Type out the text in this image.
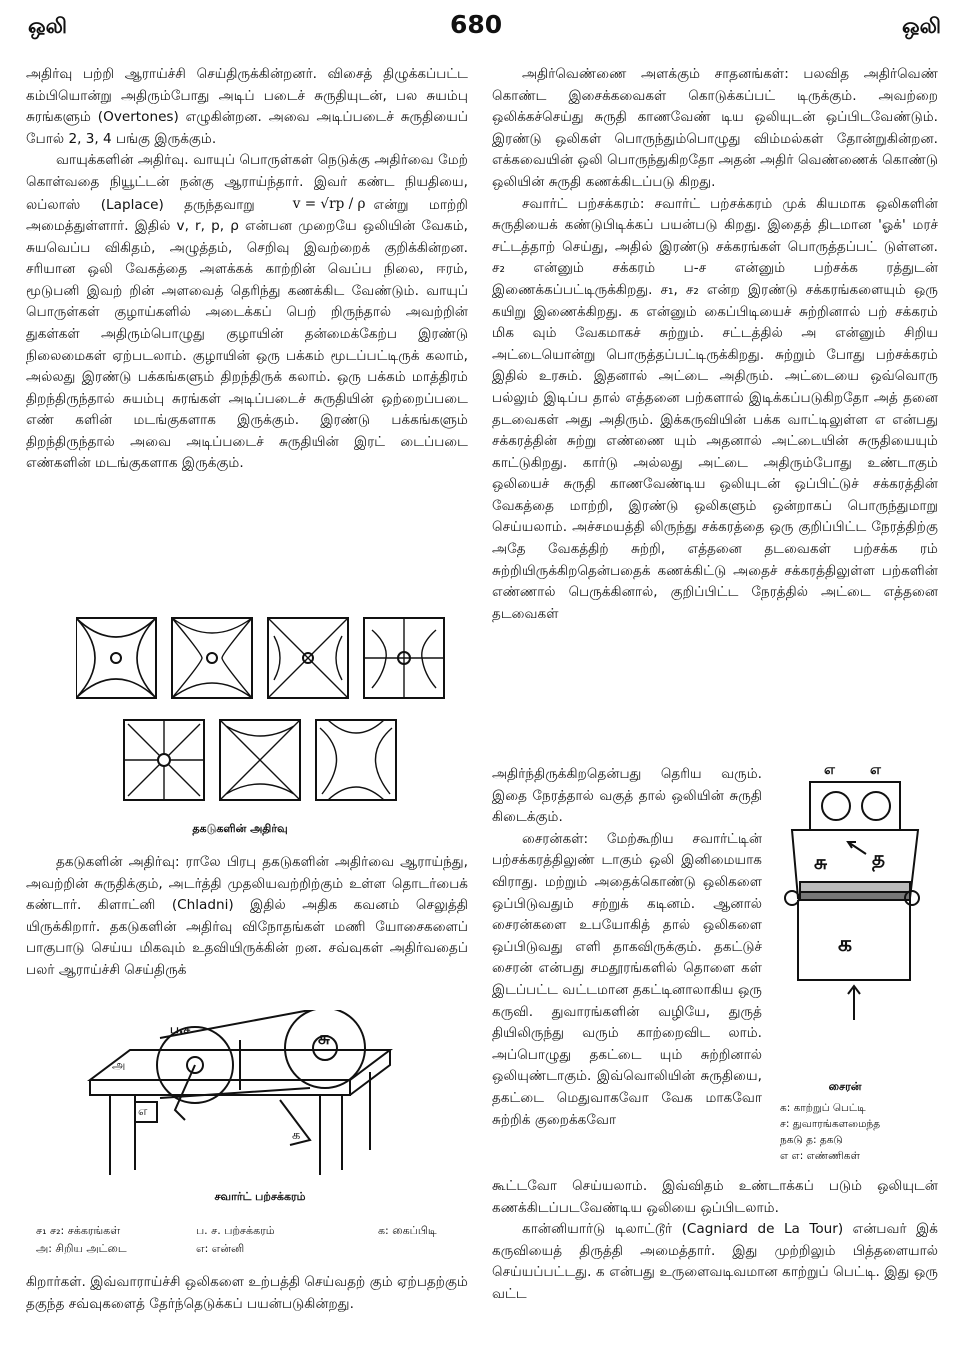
ஒலி	680	ஒலி

அதிர்வு பற்றி ஆராய்ச்சி செய்திருக்கின்றனர். விசைத் திழுக்கப்பட்ட கம்பியொன்று அதிரும்போது அடிப் படைச் சுருதியுடன், பல சுயம்பு சுரங்களும் (Overtones) எழுகின்றன. அவை அடிப்படைச் சுருதியைப் போல் 2, 3, 4 பங்கு இருக்கும்.

வாயுக்களின் அதிர்வு. வாயுப் பொருள்கள் நெடுக்கு அதிர்வை மேற் கொள்வதை நியூட்டன் நன்கு ஆராய்ந்தார். இவர் கண்ட நியதியை, லப்லாஸ் (Laplace) தருந்தவாறு	v = √rp / ρ என்று மாற்றி அமைத்துள்ளார். இதில் v, r, p, ρ என்பன முறையே ஒலியின் வேகம், சுயவெப்ப விகிதம், அழுத்தம், செறிவு இவற்றைக் குறிக்கின்றன. சரியான ஒலி வேகத்தை அளக்கக் காற்றின் வெப்ப நிலை, ஈரம், மூடுபனி இவற் றின் அளவைத் தெரிந்து கணக்கிட வேண்டும். வாயுப் பொருள்கள் குழாய்களில் அடைக்கப் பெற் றிருந்தால் அவற்றின் துகள்கள் அதிரும்பொழுது குழாயின் தன்மைக்கேற்ப இரண்டு நிலைமைகள் ஏற்படலாம். குழாயின் ஒரு பக்கம் மூடப்பட்டிருக் கலாம், அல்லது இரண்டு பக்கங்களும் திறந்திருக் கலாம். ஒரு பக்கம் மாத்திரம் திறந்திருந்தால் சுயம்பு சுரங்கள் அடிப்படைச் சுருதியின் ஒற்றைப்படை எண் களின் மடங்குகளாக இருக்கும். இரண்டு பக்கங்களும் திறந்திருந்தால் அவை அடிப்படைச் சுருதியின் இரட் டைப்படை எண்களின் மடங்குகளாக இருக்கும்.

தகடுகளின் அதிர்வு

தகடுகளின் அதிர்வு: ராலே பிரபு தகடுகளின் அதிர்வை ஆராய்ந்து, அவற்றின் சுருதிக்கும், அடர்த்தி முதலியவற்றிற்கும் உள்ள தொடர்பைக் கண்டார். கிளாட்னி (Chladni) இதில் அதிக கவனம் செலுத்தி யிருக்கிறார். தகடுகளின் அதிர்வு விநோதங்கள் மணி யோசைகளைப் பாகுபாடு செய்ய மிகவும் உதவியிருக்கின் றன. சவ்வுகள் அதிர்வதைப் பலர் ஆராய்ச்சி செய்திருக்

ப.ச	சு
அ
எ
க
சவார்ட் பற்சக்கரம்
ச₁ ச₂: சக்கரங்கள்	ப. ச. பற்சக்கரம்	க: கைப்பிடி
அ: சிறிய அட்டை	எ: என்னி

கிறார்கள். இவ்வாராய்ச்சி ஒலிகளை உற்பத்தி செய்வதற் கும் ஏற்பதற்கும் தகுந்த சவ்வுகளைத் தேர்ந்தெடுக்கப் பயன்படுகின்றது.

அதிர்வெண்ணை அளக்கும் சாதனங்கள்: பலவித அதிர்வெண் கொண்ட இசைக்கவைகள் கொடுக்கப்பட் டிருக்கும். அவற்றை ஒலிக்கச்செய்து சுருதி காணவேண் டிய ஒலியுடன் ஒப்பிடவேண்டும். இரண்டு ஒலிகள் பொருந்தும்பொழுது விம்மல்கள் தோன்றுகின்றன. எக்கவையின் ஒலி பொருந்துகிறதோ அதன் அதிர் வெண்ணைக் கொண்டு ஒலியின் சுருதி கணக்கிடப்படு கிறது.

சவார்ட் பற்சக்கரம்: சவார்ட் பற்சக்கரம் முக் கியமாக ஒலிகளின் சுருதியைக் கண்டுபிடிக்கப் பயன்படு கிறது. இதைத் திடமான 'ஓக்' மரச் சட்டத்தாற் செய்து, அதில் இரண்டு சக்கரங்கள் பொருத்தப்பட் டுள்ளன. ச₂ என்னும் சக்கரம் ப-ச என்னும் பற்சக்க ரத்துடன் இணைக்கப்பட்டிருக்கிறது. ச₁, ச₂ என்ற இரண்டு சக்கரங்களையும் ஒரு கயிறு இணைக்கிறது. க என்னும் கைப்பிடியைச் சுற்றினால் பற் சக்கரம் மிக வும் வேகமாகச் சுற்றும். சட்டத்தில் அ என்னும் சிறிய அட்டையொன்று பொருத்தப்பட்டிருக்கிறது. சுற்றும் போது பற்சக்கரம் இதில் உரசும். இதனால் அட்டை அதிரும். அட்டையை ஒவ்வொரு பல்லும் இடிப்ப தால் எத்தனை பற்களால் இடிக்கப்படுகிறதோ அத் தனை தடவைகள் அது அதிரும். இக்கருவியின் பக்க வாட்டிலுள்ள எ என்பது சக்கரத்தின் சுற்று எண்ணை யும் அதனால் அட்டையின் சுருதியையும் காட்டுகிறது. கார்டு அல்லது அட்டை அதிரும்போது உண்டாகும் ஒலியைச் சுருதி காணவேண்டிய ஒலியுடன் ஒப்பிட்டுச் சக்கரத்தின் வேகத்தை மாற்றி, இரண்டு ஒலிகளும் ஒன்றாகப் பொருந்துமாறு செய்யலாம். அச்சமயத்தி லிருந்து சக்கரத்தை ஒரு குறிப்பிட்ட நேரத்திற்கு அதே வேகத்திற் சுற்றி, எத்தனை தடவைகள் பற்சக்க ரம் சுற்றியிருக்கிறதென்பதைக் கணக்கிட்டு அதைச் சக்கரத்திலுள்ள பற்களின் எண்ணால் பெருக்கினால், குறிப்பிட்ட நேரத்தில் அட்டை எத்தனை தடவைகள்

அதிர்ந்திருக்கிறதென்பது தெரிய வரும். இதை நேரத்தால் வகுத் தால் ஒலியின் சுருதி கிடைக்கும்.

சைரன்கள்: மேற்கூறிய சவார்ட்டின் பற்சக்கரத்திலுண் டாகும் ஒலி இனிமையாக விராது. மற்றும் அதைக்கொண்டு ஒலிகளை ஒப்பிடுவதும் சற்றுக் கடினம். ஆனால் சைரன்களை உபயோகித் தால் ஒலிகளை ஒப்பிடுவது எளி தாகவிருக்கும். தகட்டுச் சைரன் என்பது சமதூரங்களில் தொளை கள் இடப்பட்ட வட்டமான தகட்டினாலாகிய ஒரு கருவி. துவாரங்களின் வழியே, துருத் தியிலிருந்து வரும் காற்றைவிட லாம். அப்பொழுது தகட்டை யும் சுற்றினால் ஒலியுண்டாகும். இவ்வொலியின் சுருதியை, தகட்டை மெதுவாகவோ வேக மாகவோ சுற்றிக் குறைக்கவோ

எ	எ
சு த
க
சைரன்
க: காற்றுப் பெட்டி
ச: துவாரங்களமைந்த
நகடு த: தகடு
எ எ: எண்ணிகள்

கூட்டவோ செய்யலாம். இவ்விதம் உண்டாக்கப் படும் ஒலியுடன் கணக்கிடப்படவேண்டிய ஒலியை ஒப்பிடலாம்.

கான்னியார்டு டிலாட்டூர் (Cagniard de La Tour) என்பவர் இக் கருவியைத் திருத்தி அமைத்தார். இது முற்றிலும் பித்தளையால் செய்யப்பட்டது. க என்பது உருளைவடிவமான காற்றுப் பெட்டி. இது ஒரு வட்ட
